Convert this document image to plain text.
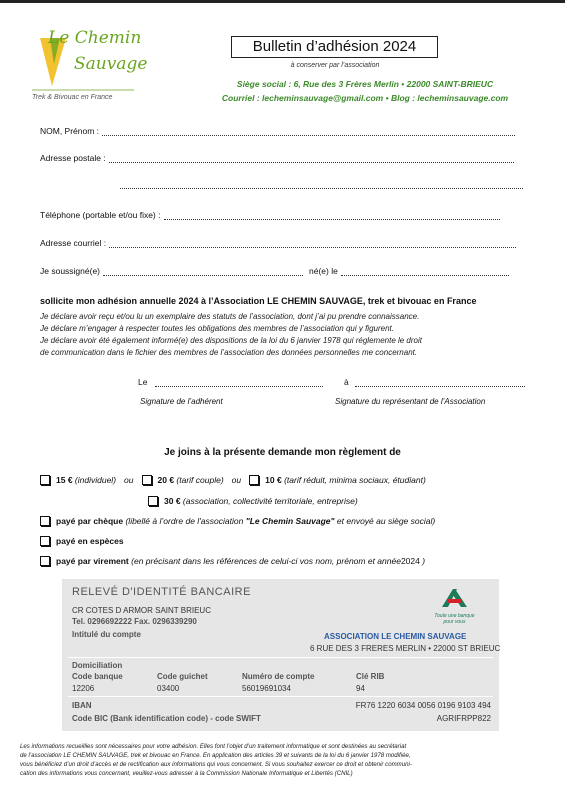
Le Chemin
Sauvage
Trek & Bivouac en France
Bulletin d’adhésion 2024
à conserver par l’association
Siège social : 6, Rue des 3 Frères Merlin • 22000 SAINT-BRIEUC
Courriel : lecheminsauvage@gmail.com • Blog : lecheminsauvage.com
NOM, Prénom :
Adresse postale :
Téléphone (portable et/ou fixe) :
Adresse courriel :
Je soussigné(e)	né(e) le
sollicite mon adhésion annuelle 2024 à l’Association LE CHEMIN SAUVAGE, trek et bivouac en France
Je déclare avoir reçu et/ou lu un exemplaire des statuts de l’association, dont j’ai pu prendre connaissance.
Je déclare m’engager à respecter toutes les obligations des membres de l’association qui y figurent.
Je déclare avoir été également informé(e) des dispositions de la loi du 6 janvier 1978 qui réglemente le droit
de communication dans le fichier des membres de l’association des données personnelles me concernant.
Le	à
Signature de l’adhérent	Signature du représentant de l’Association
Je joins à la présente demande mon règlement de
15 €
(individuel) ou	20 €
(tarif couple) ou	10 €
(tarif réduit, minima sociaux, étudiant)
30 €
(association, collectivité territoriale, entreprise)
payé par chèque
(libellé à l’ordre de l'association
"Le Chemin Sauvage"
et envoyé au siège social)
payé en espèces
payé par virement
(en précisant dans les références de celui-ci vos nom, prénom et année 2024
)
RELEVÉ D'IDENTITÉ BANCAIRE
CR COTES D ARMOR SAINT BRIEUC
Tel. 0296692222 Fax. 0296339290
Intitulé du compte	ASSOCIATION LE CHEMIN SAUVAGE
6 RUE DES 3 FRERES MERLIN • 22000 ST BRIEUC
Toute une banque
pour vous
Domiciliation
Code banque	Code guichet	Numéro de compte	Clé RIB
12206	03400	56019691034	94
IBAN	FR76 1220 6034 0056 0196 9103 494
Code BIC (Bank identification code) - code SWIFT	AGRIFRPP822
Les informations recueillies sont nécessaires pour votre adhésion. Elles font l’objet d’un traitement informatique et sont destinées au secrétariat
de l’association LE CHEMIN SAUVAGE, trek et bivouac en France. En application des articles 39 et suivants de la loi du 6 janvier 1978 modifiée,
vous bénéficiez d’un droit d’accès et de rectification aux informations qui vous concernent. Si vous souhaitez exercer ce droit et obtenir communi-
cation des informations vous concernant, veuillez-vous adresser à la Commission Nationale Informatique et Libertés (CNIL)
